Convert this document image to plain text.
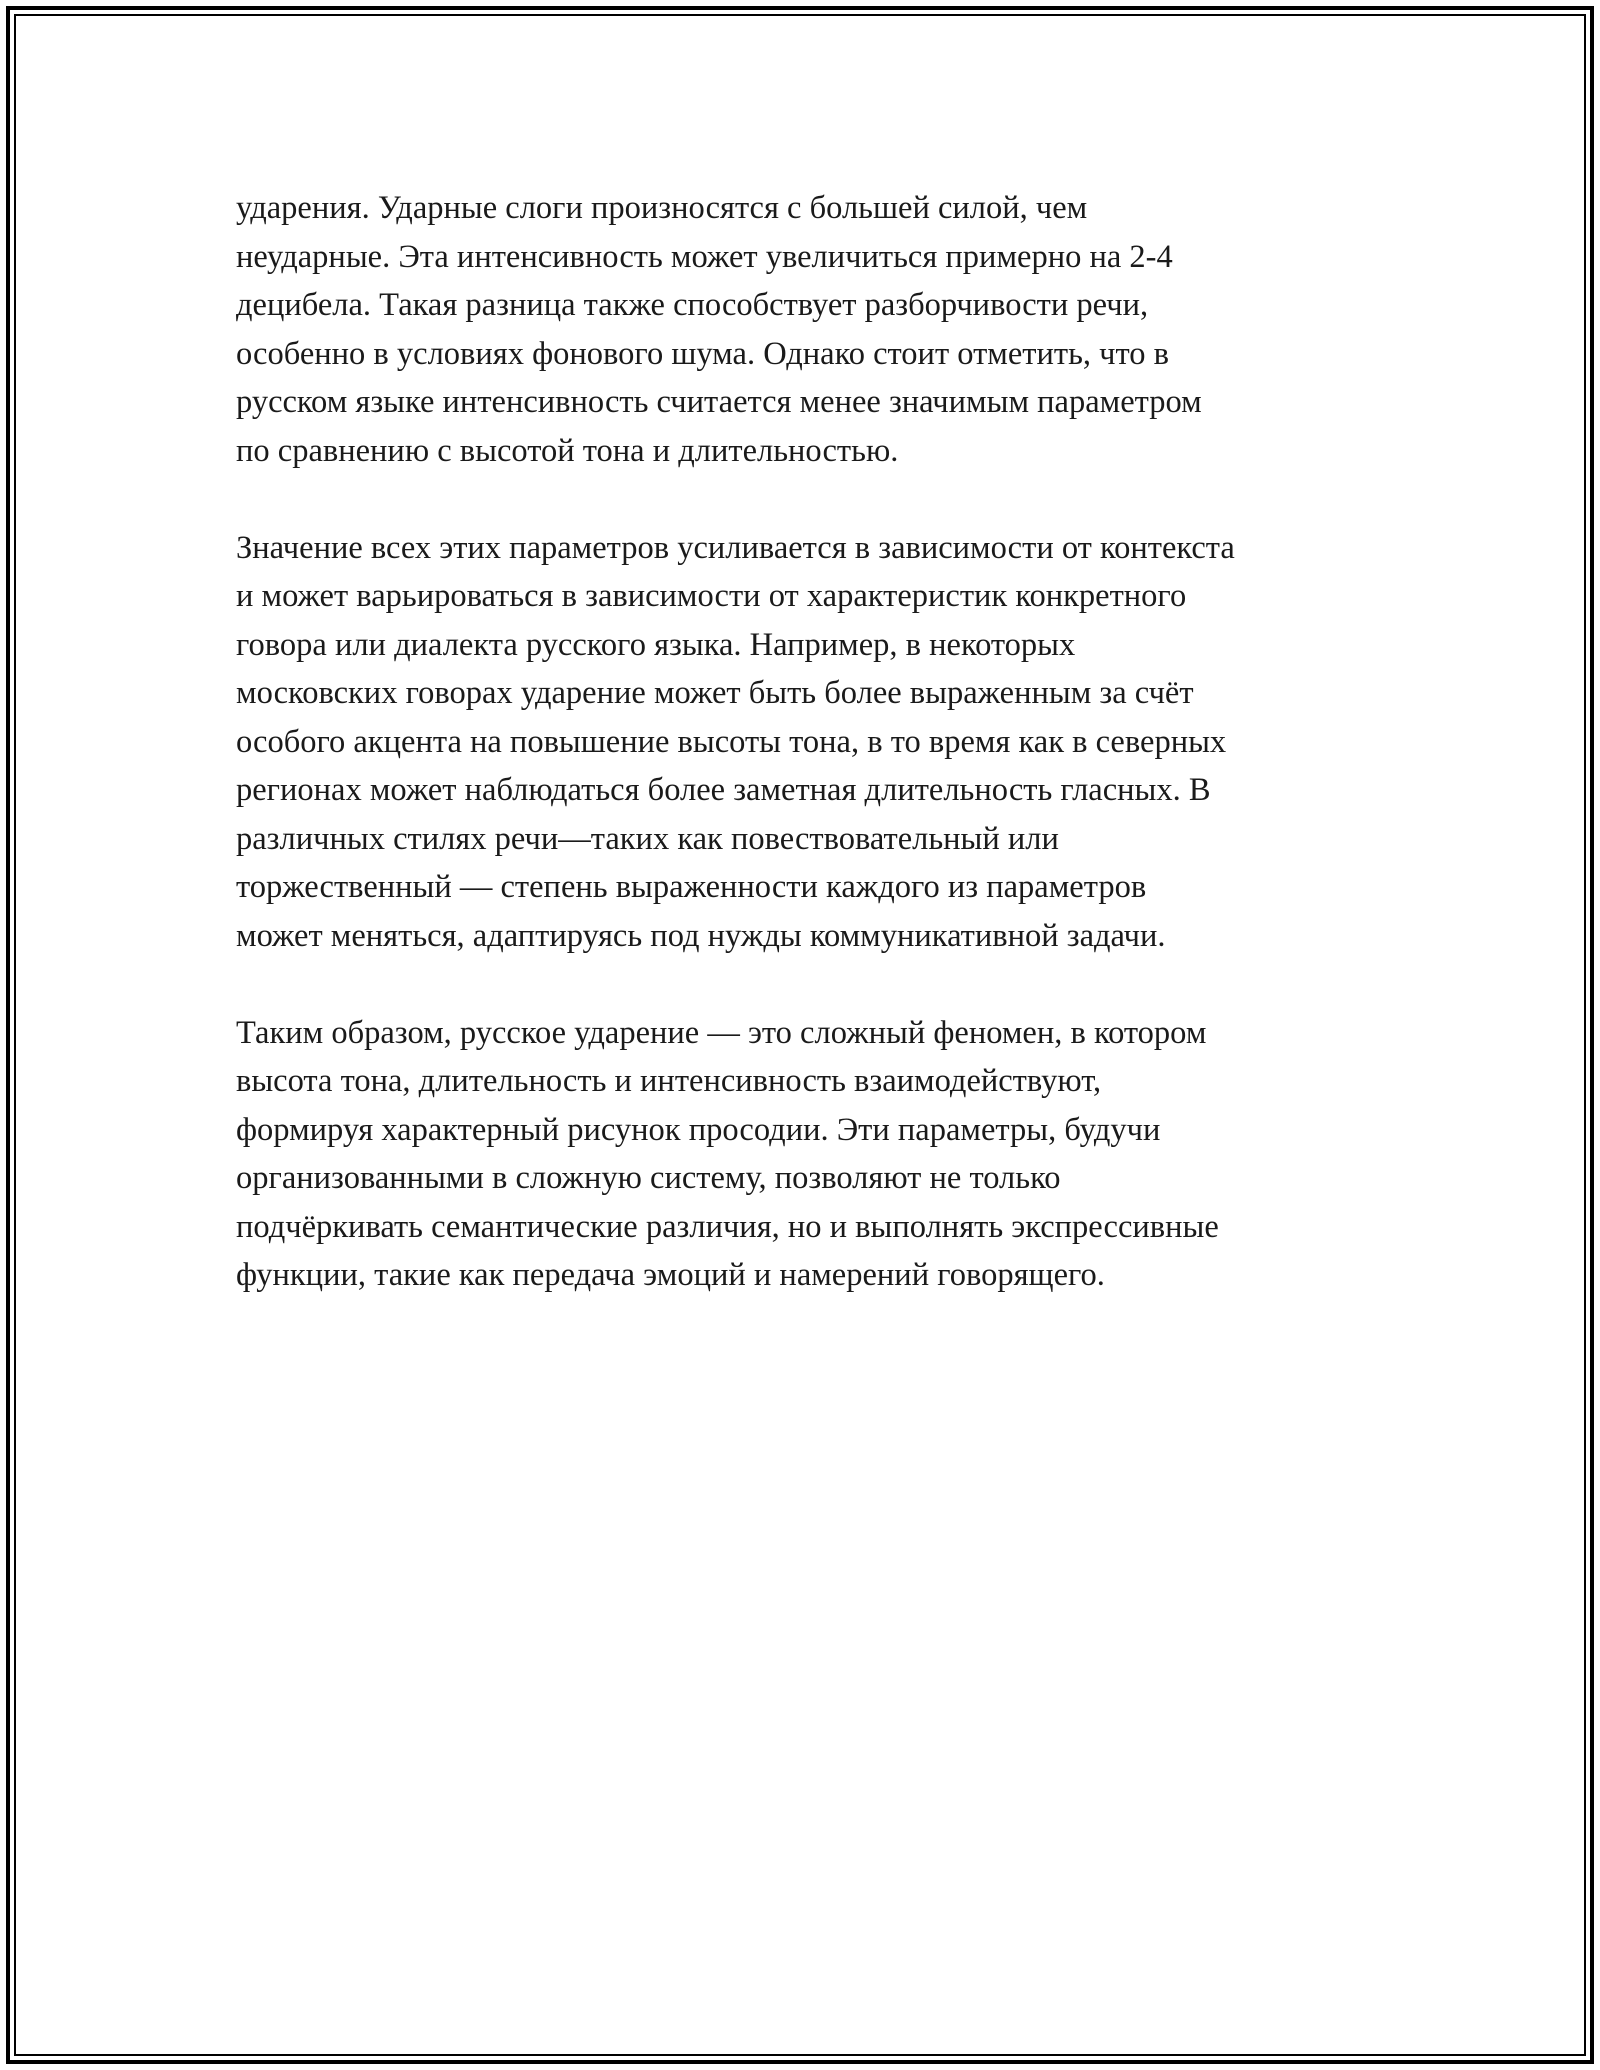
ударения. Ударные слоги произносятся с большей силой, чем
неударные. Эта интенсивность может увеличиться примерно на 2-4
децибела. Такая разница также способствует разборчивости речи,
особенно в условиях фонового шума. Однако стоит отметить, что в
русском языке интенсивность считается менее значимым параметром
по сравнению с высотой тона и длительностью.

Значение всех этих параметров усиливается в зависимости от контекста
и может варьироваться в зависимости от характеристик конкретного
говора или диалекта русского языка. Например, в некоторых
московских говорах ударение может быть более выраженным за счёт
особого акцента на повышение высоты тона, в то время как в северных
регионах может наблюдаться более заметная длительность гласных. В
различных стилях речи—таких как повествовательный или
торжественный — степень выраженности каждого из параметров
может меняться, адаптируясь под нужды коммуникативной задачи.

Таким образом, русское ударение — это сложный феномен, в котором
высота тона, длительность и интенсивность взаимодействуют,
формируя характерный рисунок просодии. Эти параметры, будучи
организованными в сложную систему, позволяют не только
подчёркивать семантические различия, но и выполнять экспрессивные
функции, такие как передача эмоций и намерений говорящего.
